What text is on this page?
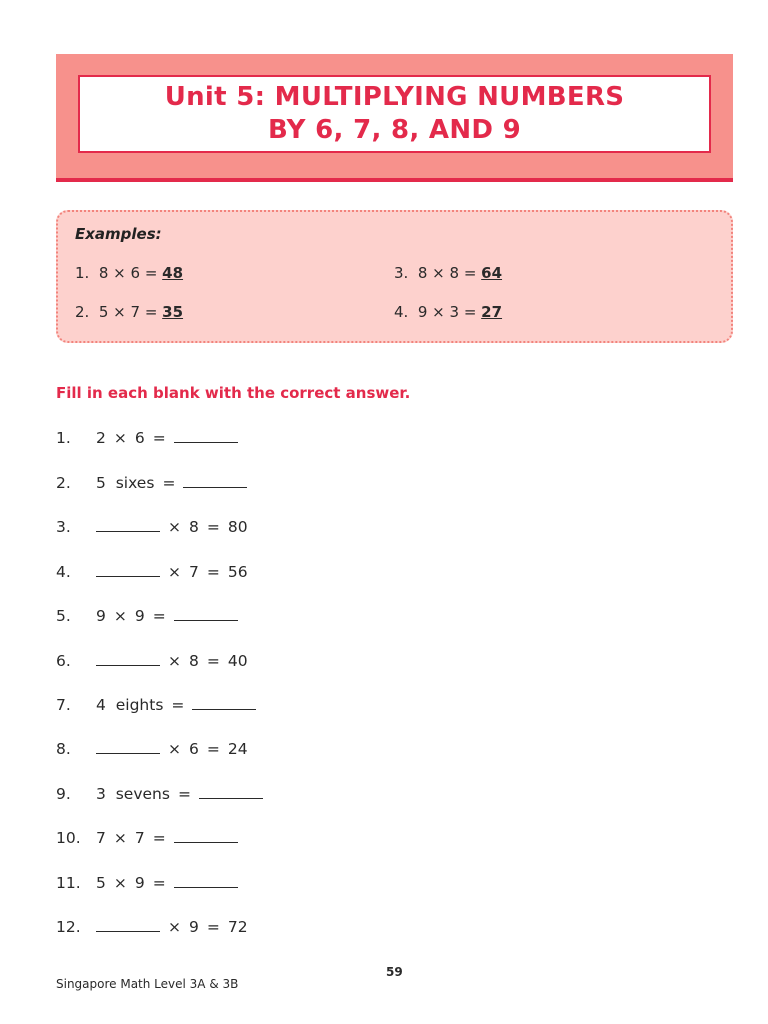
Unit 5: MULTIPLYING NUMBERS
BY 6, 7, 8, AND 9
Examples:
1. 8 × 6 = 48
2. 5 × 7 = 35
3. 8 × 8 = 64
4. 9 × 3 = 27
Fill in each blank with the correct answer.
1. 2 × 6 =
2. 5 sixes =
3.	× 8 = 80
4.	× 7 = 56
5. 9 × 9 =
6.	× 8 = 40
7. 4 eights =
8.	× 6 = 24
9. 3 sevens =
10. 7 × 7 =
11. 5 × 9 =
12.	× 9 = 72
59
Singapore Math Level 3A & 3B
